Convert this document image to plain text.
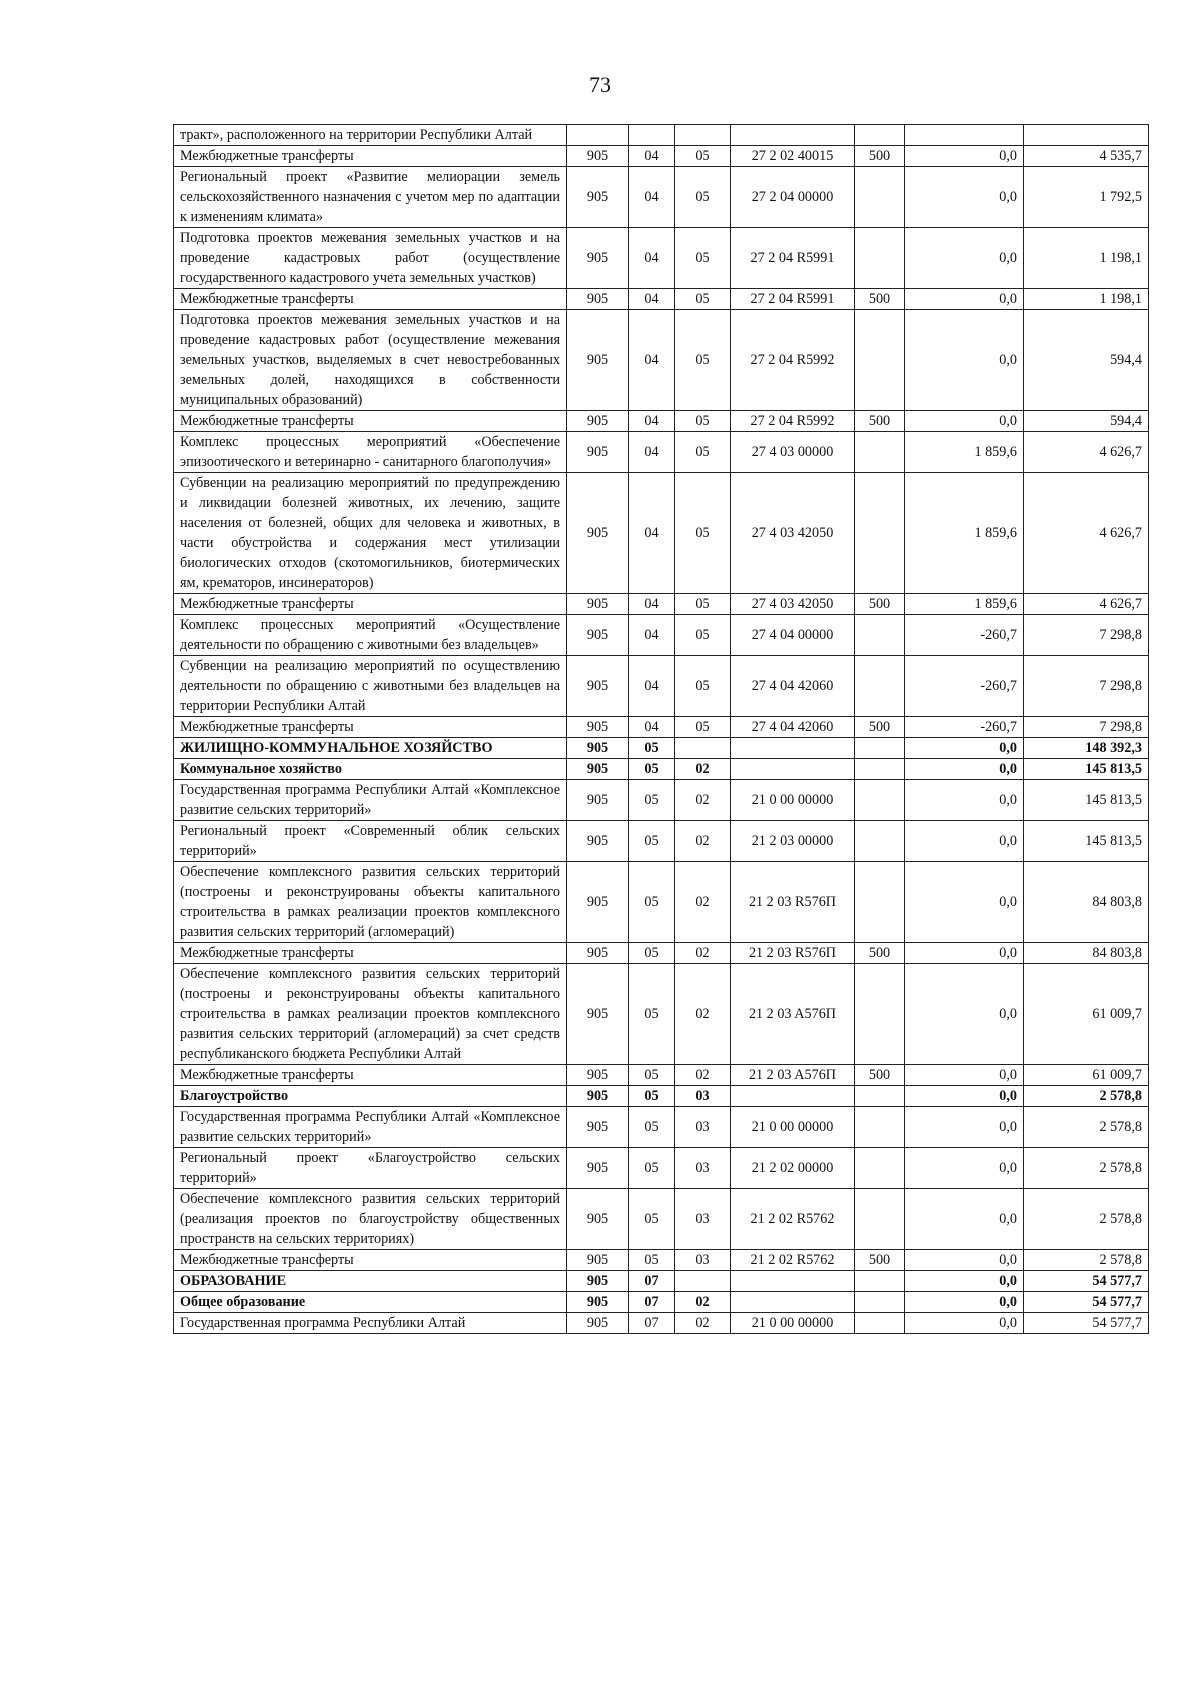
73
тракт», расположенного на территории Республики Алтай							
Межбюджетные трансферты	905	04	05	27 2 02 40015	500	0,0	4 535,7
Региональный проект «Развитие мелиорации земель сельскохозяйственного назначения с учетом мер по адаптации к изменениям климата»	905	04	05	27 2 04 00000		0,0	1 792,5
Подготовка проектов межевания земельных участков и на проведение кадастровых работ (осуществление государственного кадастрового учета земельных участков)	905	04	05	27 2 04 R5991		0,0	1 198,1
Межбюджетные трансферты	905	04	05	27 2 04 R5991	500	0,0	1 198,1
Подготовка проектов межевания земельных участков и на проведение кадастровых работ (осуществление межевания земельных участков, выделяемых в счет невостребованных земельных долей, находящихся в собственности муниципальных образований)	905	04	05	27 2 04 R5992		0,0	594,4
Межбюджетные трансферты	905	04	05	27 2 04 R5992	500	0,0	594,4
Комплекс процессных мероприятий «Обеспечение эпизоотического и ветеринарно - санитарного благополучия»	905	04	05	27 4 03 00000		1 859,6	4 626,7
Субвенции на реализацию мероприятий по предупреждению и ликвидации болезней животных, их лечению, защите населения от болезней, общих для человека и животных, в части обустройства и содержания мест утилизации биологических отходов (скотомогильников, биотермических ям, крематоров, инсинераторов)	905	04	05	27 4 03 42050		1 859,6	4 626,7
Межбюджетные трансферты	905	04	05	27 4 03 42050	500	1 859,6	4 626,7
Комплекс процессных мероприятий «Осуществление деятельности по обращению с животными без владельцев»	905	04	05	27 4 04 00000		-260,7	7 298,8
Субвенции на реализацию мероприятий по осуществлению деятельности по обращению с животными без владельцев на территории Республики Алтай	905	04	05	27 4 04 42060		-260,7	7 298,8
Межбюджетные трансферты	905	04	05	27 4 04 42060	500	-260,7	7 298,8
ЖИЛИЩНО-КОММУНАЛЬНОЕ ХОЗЯЙСТВО	905	05				0,0	148 392,3
Коммунальное хозяйство	905	05	02			0,0	145 813,5
Государственная программа Республики Алтай «Комплексное развитие сельских территорий»	905	05	02	21 0 00 00000		0,0	145 813,5
Региональный проект «Современный облик сельских территорий»	905	05	02	21 2 03 00000		0,0	145 813,5
Обеспечение комплексного развития сельских территорий (построены и реконструированы объекты капитального строительства в рамках реализации проектов комплексного развития сельских территорий (агломераций)	905	05	02	21 2 03 R576П		0,0	84 803,8
Межбюджетные трансферты	905	05	02	21 2 03 R576П	500	0,0	84 803,8
Обеспечение комплексного развития сельских территорий (построены и реконструированы объекты капитального строительства в рамках реализации проектов комплексного развития сельских территорий (агломераций) за счет средств республиканского бюджета Республики Алтай	905	05	02	21 2 03 A576П		0,0	61 009,7
Межбюджетные трансферты	905	05	02	21 2 03 A576П	500	0,0	61 009,7
Благоустройство	905	05	03			0,0	2 578,8
Государственная программа Республики Алтай «Комплексное развитие сельских территорий»	905	05	03	21 0 00 00000		0,0	2 578,8
Региональный проект «Благоустройство сельских территорий»	905	05	03	21 2 02 00000		0,0	2 578,8
Обеспечение комплексного развития сельских территорий (реализация проектов по благоустройству общественных пространств на сельских территориях)	905	05	03	21 2 02 R5762		0,0	2 578,8
Межбюджетные трансферты	905	05	03	21 2 02 R5762	500	0,0	2 578,8
ОБРАЗОВАНИЕ	905	07				0,0	54 577,7
Общее образование	905	07	02			0,0	54 577,7
Государственная программа Республики Алтай	905	07	02	21 0 00 00000		0,0	54 577,7
